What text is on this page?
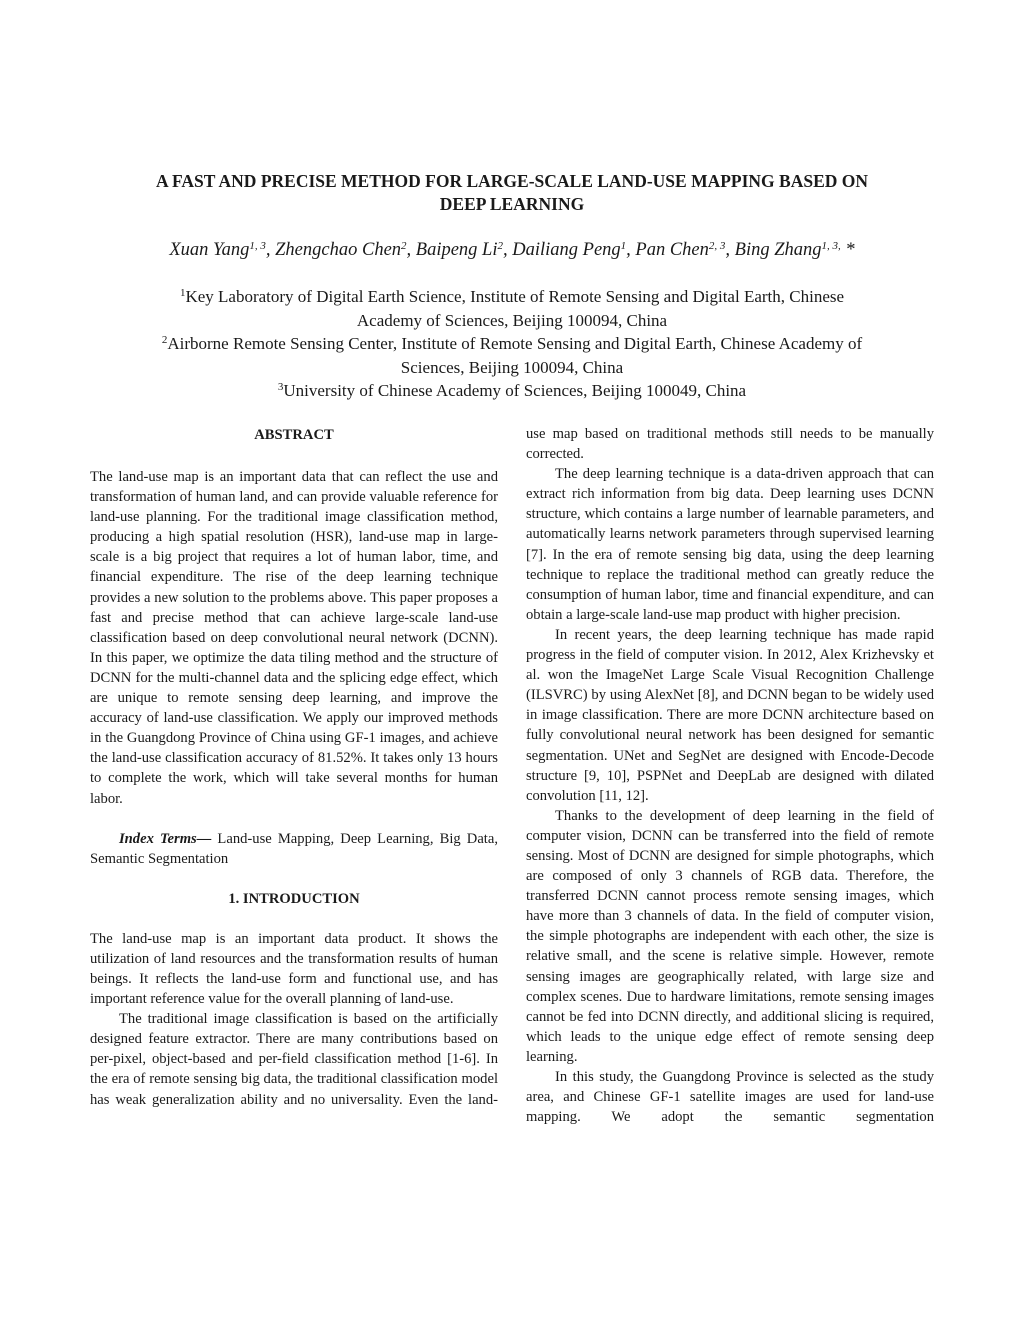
A FAST AND PRECISE METHOD FOR LARGE-SCALE LAND-USE MAPPING BASED ON
DEEP LEARNING
Xuan Yang$^{1, 3}$, Zhengchao Chen$^2$, Baipeng Li$^2$, Dailiang Peng$^1$, Pan Chen$^{2, 3}$, Bing Zhang$^{1, 3,}$ *

$^1$Key Laboratory of Digital Earth Science, Institute of Remote Sensing and Digital Earth, Chinese
Academy of Sciences, Beijing 100094, China

$^2$Airborne Remote Sensing Center, Institute of Remote Sensing and Digital Earth, Chinese Academy of
Sciences, Beijing 100094, China

$^3$University of Chinese Academy of Sciences, Beijing 100049, China

ABSTRACT

The land-use map is an important data that can reflect the use and transformation of human land, and can provide valuable reference for land-use planning. For the traditional image classification method, producing a high spatial resolution (HSR), land-use map in large-scale is a big project that requires a lot of human labor, time, and financial expenditure. The rise of the deep learning technique provides a new solution to the problems above. This paper proposes a fast and precise method that can achieve large-scale land-use classification based on deep convolutional neural network (DCNN). In this paper, we optimize the data tiling method and the structure of DCNN for the multi-channel data and the splicing edge effect, which are unique to remote sensing deep learning, and improve the accuracy of land-use classification. We apply our improved methods in the Guangdong Province of China using GF-1 images, and achieve the land-use classification accuracy of 81.52%. It takes only 13 hours to complete the work, which will take several months for human labor.

Index Terms— Land-use Mapping, Deep Learning, Big Data, Semantic Segmentation

1. INTRODUCTION

The land-use map is an important data product. It shows the utilization of land resources and the transformation results of human beings. It reflects the land-use form and functional use, and has important reference value for the overall planning of land-use.

The traditional image classification is based on the artificially designed feature extractor. There are many contributions based on per-pixel, object-based and per-field classification method [1-6]. In the era of remote sensing big data, the traditional classification model has weak generalization ability and no universality. Even the land-

use map based on traditional methods still needs to be manually corrected.

The deep learning technique is a data-driven approach that can extract rich information from big data. Deep learning uses DCNN structure, which contains a large number of learnable parameters, and automatically learns network parameters through supervised learning [7]. In the era of remote sensing big data, using the deep learning technique to replace the traditional method can greatly reduce the consumption of human labor, time and financial expenditure, and can obtain a large-scale land-use map product with higher precision.

In recent years, the deep learning technique has made rapid progress in the field of computer vision. In 2012, Alex Krizhevsky et al. won the ImageNet Large Scale Visual Recognition Challenge (ILSVRC) by using AlexNet [8], and DCNN began to be widely used in image classification. There are more DCNN architecture based on fully convolutional neural network has been designed for semantic segmentation. UNet and SegNet are designed with Encode-Decode structure [9, 10], PSPNet and DeepLab are designed with dilated convolution [11, 12].

Thanks to the development of deep learning in the field of computer vision, DCNN can be transferred into the field of remote sensing. Most of DCNN are designed for simple photographs, which are composed of only 3 channels of RGB data. Therefore, the transferred DCNN cannot process remote sensing images, which have more than 3 channels of data. In the field of computer vision, the simple photographs are independent with each other, the size is relative small, and the scene is relative simple. However, remote sensing images are geographically related, with large size and complex scenes. Due to hardware limitations, remote sensing images cannot be fed into DCNN directly, and additional slicing is required, which leads to the unique edge effect of remote sensing deep learning.

In this study, the Guangdong Province is selected as the study area, and Chinese GF-1 satellite images are used for land-use mapping. We adopt the semantic segmentation
